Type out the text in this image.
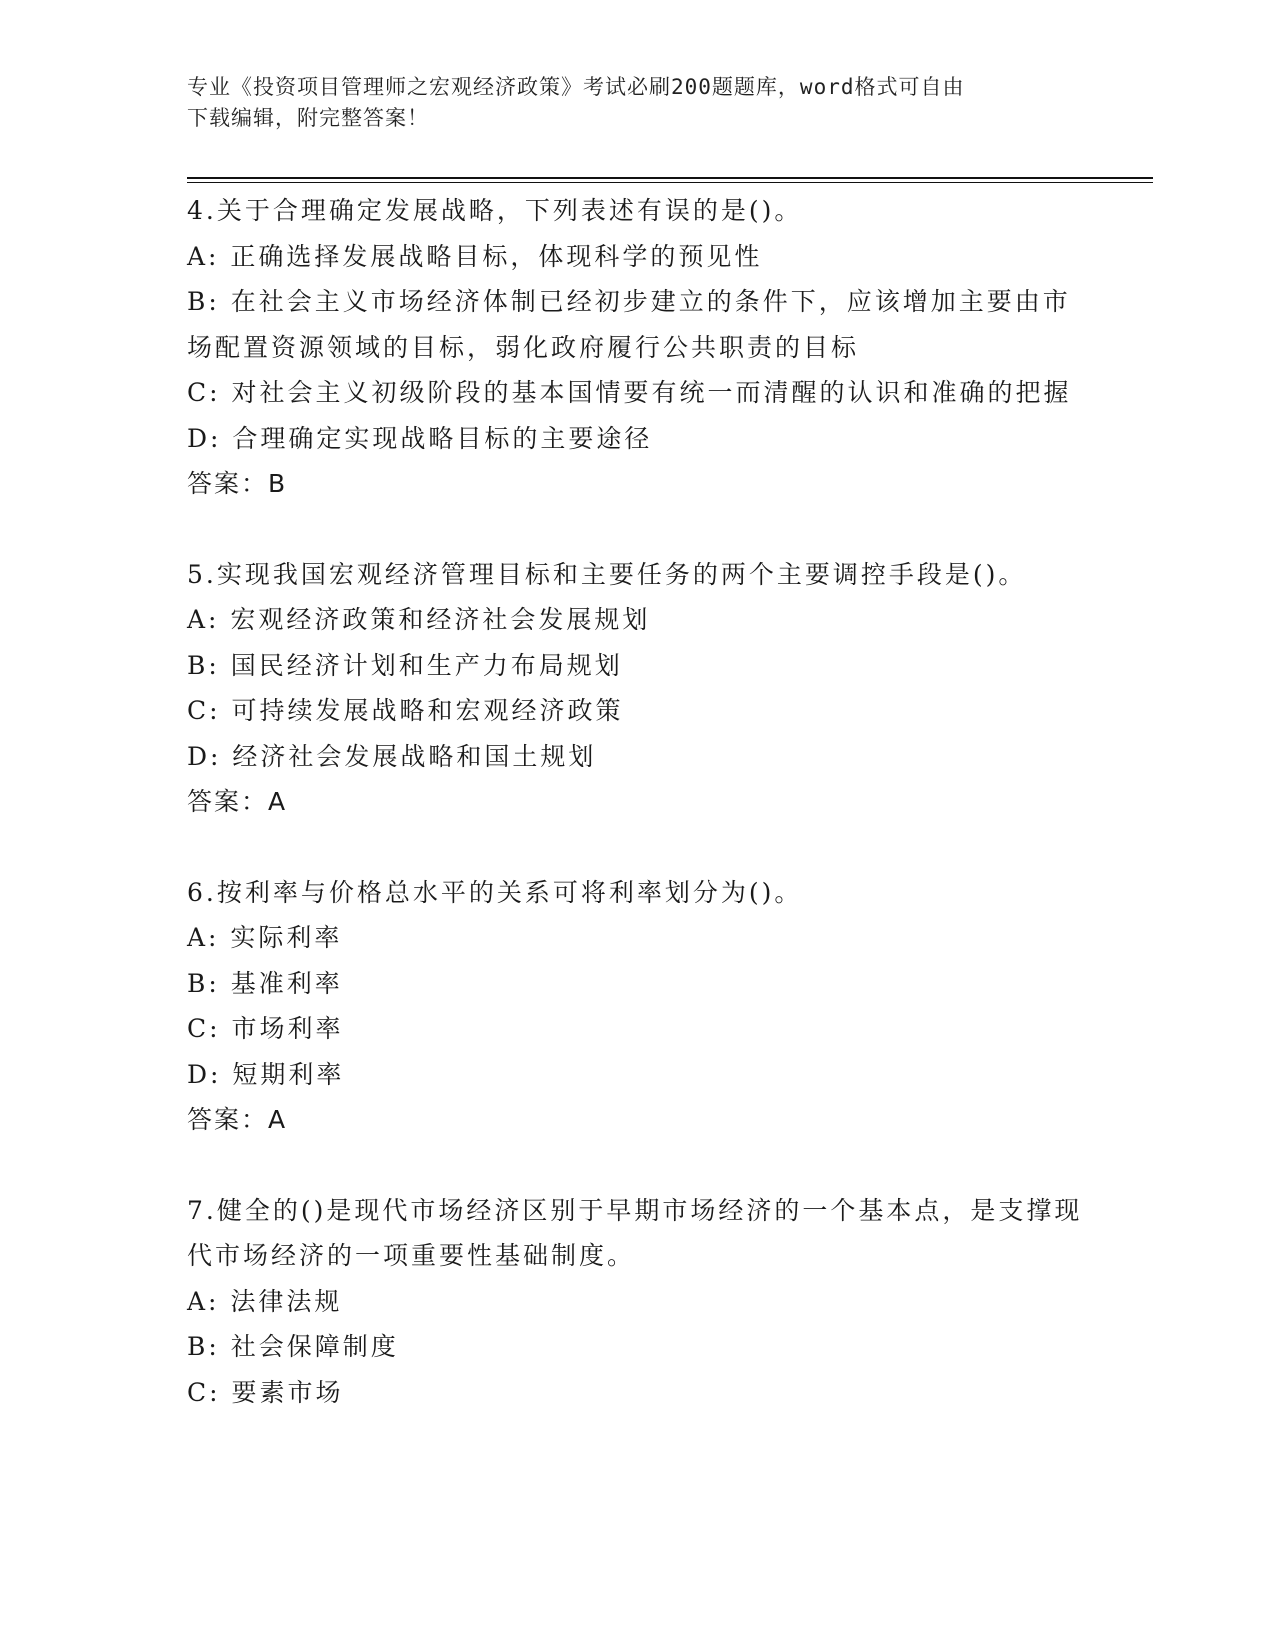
专业《投资项目管理师之宏观经济政策》考试必刷200题题库，word格式可自由
下载编辑，附完整答案！

4.关于合理确定发展战略，下列表述有误的是()。

A: 正确选择发展战略目标，体现科学的预见性

B: 在社会主义市场经济体制已经初步建立的条件下，应该增加主要由市场配置资源领域的目标，弱化政府履行公共职责的目标

C: 对社会主义初级阶段的基本国情要有统一而清醒的认识和准确的把握

D: 合理确定实现战略目标的主要途径

答案：B

5.实现我国宏观经济管理目标和主要任务的两个主要调控手段是()。

A: 宏观经济政策和经济社会发展规划

B: 国民经济计划和生产力布局规划

C: 可持续发展战略和宏观经济政策

D: 经济社会发展战略和国土规划

答案：A

6.按利率与价格总水平的关系可将利率划分为()。

A: 实际利率

B: 基准利率

C: 市场利率

D: 短期利率

答案：A

7.健全的()是现代市场经济区别于早期市场经济的一个基本点，是支撑现代市场经济的一项重要性基础制度。

A: 法律法规

B: 社会保障制度

C: 要素市场
